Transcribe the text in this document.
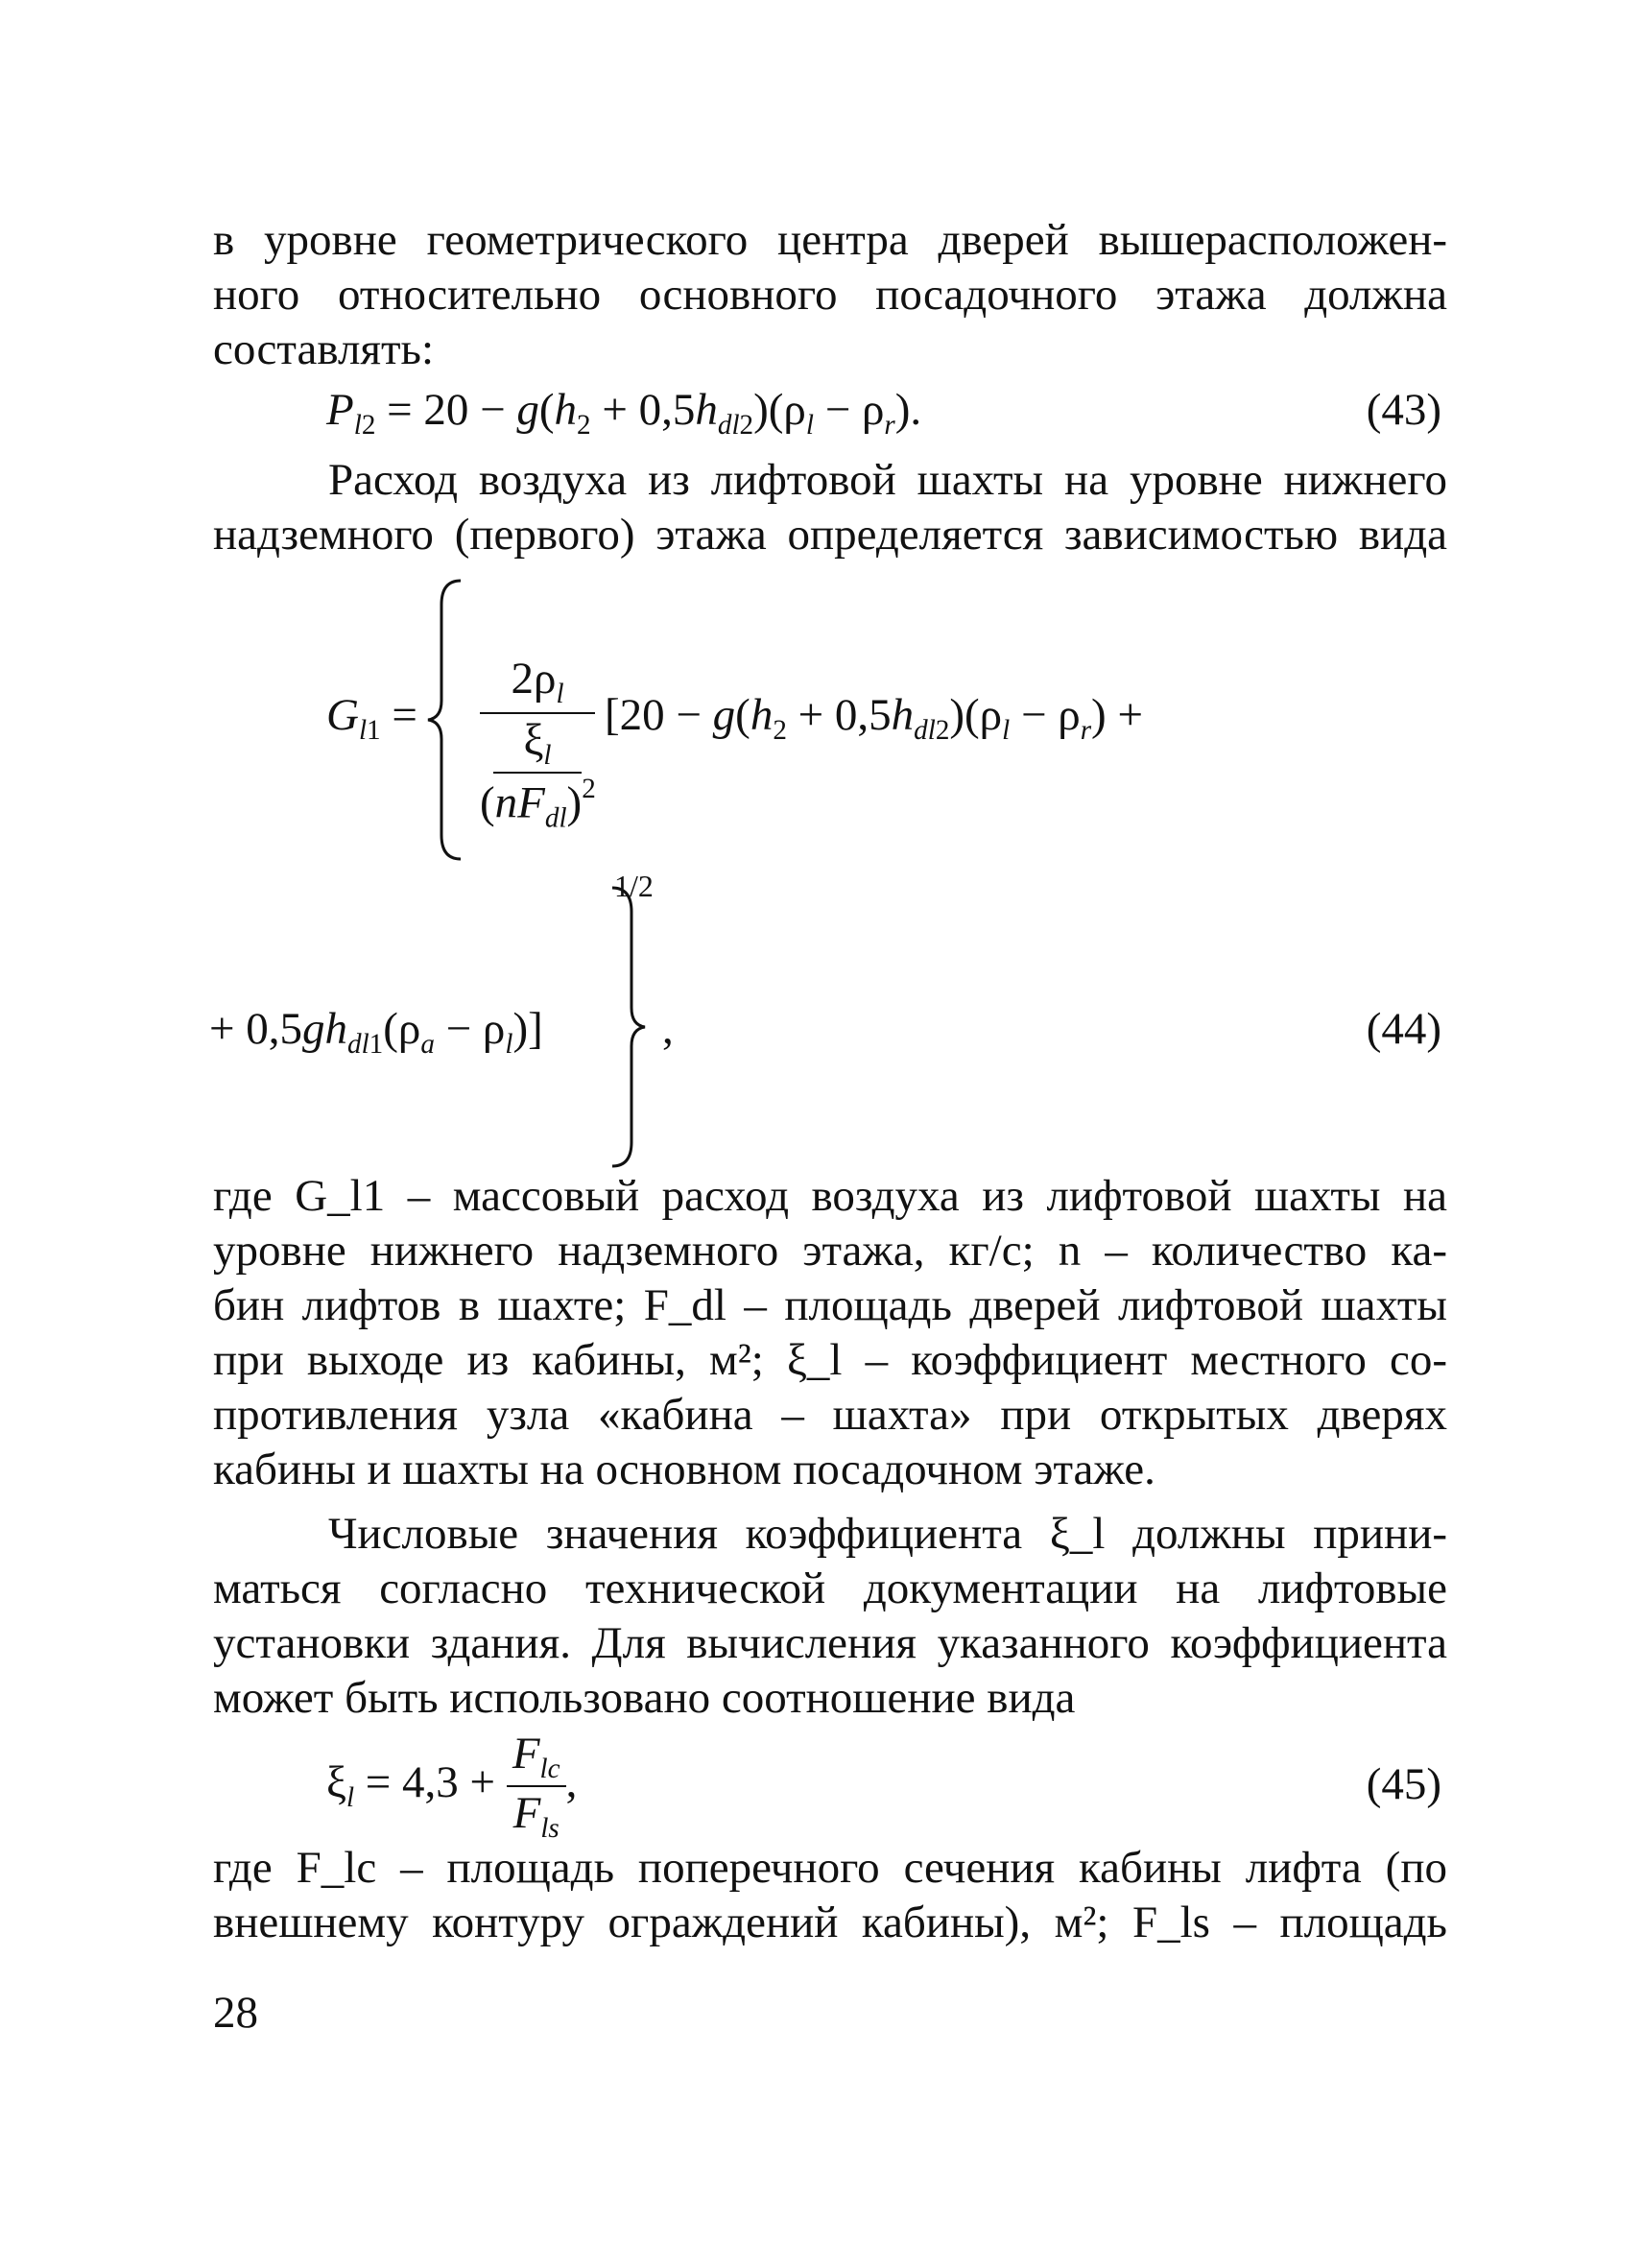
в уровне геометрического центра дверей вышерасположен-
ного относительно основного посадочного этажа должна
составлять:
$P_{l2} = 20 - g(h_2 + 0,5h_{dl2})(\rho_l - \rho_r)$.	(43)
Расход воздуха из лифтовой шахты на уровне нижнего
надземного (первого) этажа определяется зависимостью вида
$G_{l1}$ =
$2\rho_l$
$\xi_l$
$(nF_{dl})^2$
[$20 - g(h_2 + 0,5h_{dl2})(\rho_l - \rho_r)$ +
+ $0,5gh_{dl1}(\rho_a - \rho_l)$]
1/2
,	(44)
где G_l1 – массовый расход воздуха из лифтовой шахты на
уровне нижнего надземного этажа, кг/с; n – количество ка-
бин лифтов в шахте; F_dl – площадь дверей лифтовой шахты
при выходе из кабины, м²; ξ_l – коэффициент местного со-
противления узла «кабина – шахта» при открытых дверях
кабины и шахты на основном посадочном этаже.
Числовые значения коэффициента ξ_l должны прини-
маться согласно технической документации на лифтовые
установки здания. Для вычисления указанного коэффициента
может быть использовано соотношение вида
$\xi_l = 4,3 + \frac{F_{lc}}{F_{ls}}$ ,	(45)
где F_lc – площадь поперечного сечения кабины лифта (по
внешнему контуру ограждений кабины), м²; F_ls – площадь
28
